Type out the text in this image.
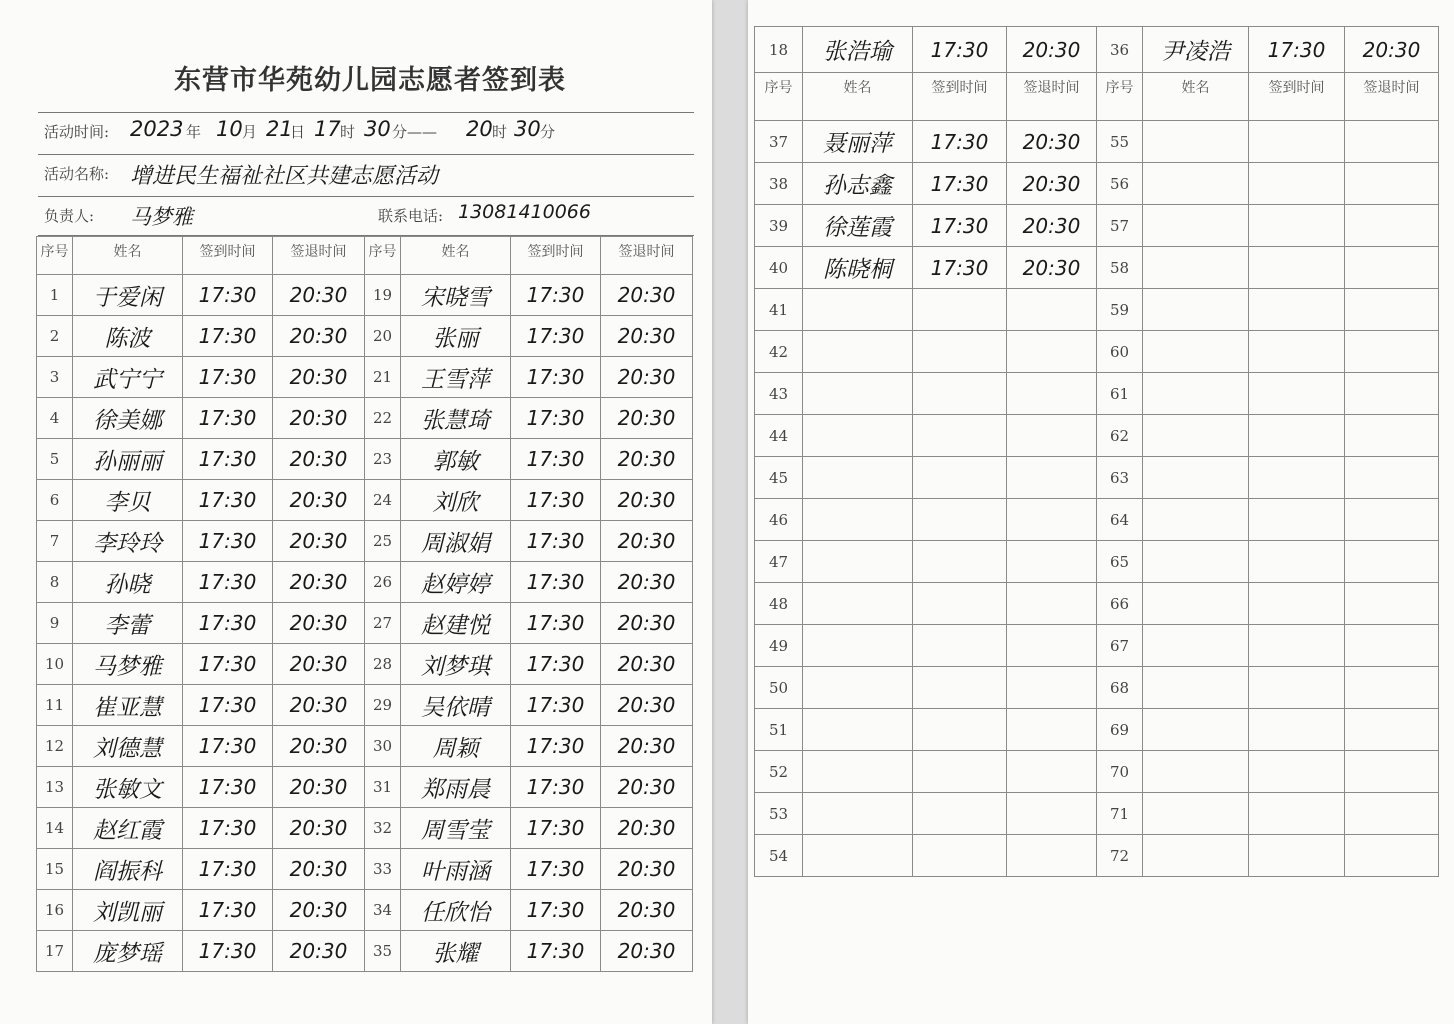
东营市华苑幼儿园志愿者签到表
活动时间: 2023 年 10 月 21
日 17 时 30 分—— 20 时 30 分
活动名称: 增进民生福祉社区共建志愿活动
负责人: 马梦雅	联系电话: 13081410066
序号	姓名	签到时间	签退时间	序号	姓名	签到时间	签退时间
1	于爱闲	17:30	20:30	19	宋晓雪	17:30	20:30
2	陈波	17:30	20:30	20	张丽	17:30	20:30
3	武宁宁	17:30	20:30	21	王雪萍	17:30	20:30
4	徐美娜	17:30	20:30	22	张慧琦	17:30	20:30
5	孙丽丽	17:30	20:30	23	郭敏	17:30	20:30
6	李贝	17:30	20:30	24	刘欣	17:30	20:30
7	李玲玲	17:30	20:30	25	周淑娟	17:30	20:30
8	孙晓	17:30	20:30	26	赵婷婷	17:30	20:30
9	李蕾	17:30	20:30	27	赵建悦	17:30	20:30
10	马梦雅	17:30	20:30	28	刘梦琪	17:30	20:30
11	崔亚慧	17:30	20:30	29	吴依晴	17:30	20:30
12	刘德慧	17:30	20:30	30	周颖	17:30	20:30
13	张敏文	17:30	20:30	31	郑雨晨	17:30	20:30
14	赵红霞	17:30	20:30	32	周雪莹	17:30	20:30
15	阎振科	17:30	20:30	33	叶雨涵	17:30	20:30
16	刘凯丽	17:30	20:30	34	任欣怡	17:30	20:30
17	庞梦瑶	17:30	20:30	35	张耀	17:30	20:30
18	张浩瑜	17:30	20:30	36	尹凌浩	17:30	20:30
序号	姓名	签到时间	签退时间	序号	姓名	签到时间	签退时间
37	聂丽萍	17:30	20:30	55			
38	孙志鑫	17:30	20:30	56			
39	徐莲霞	17:30	20:30	57			
40	陈晓桐	17:30	20:30	58			
41				59			
42				60			
43				61			
44				62			
45				63			
46				64			
47				65			
48				66			
49				67			
50				68			
51				69			
52				70			
53				71			
54				72			
